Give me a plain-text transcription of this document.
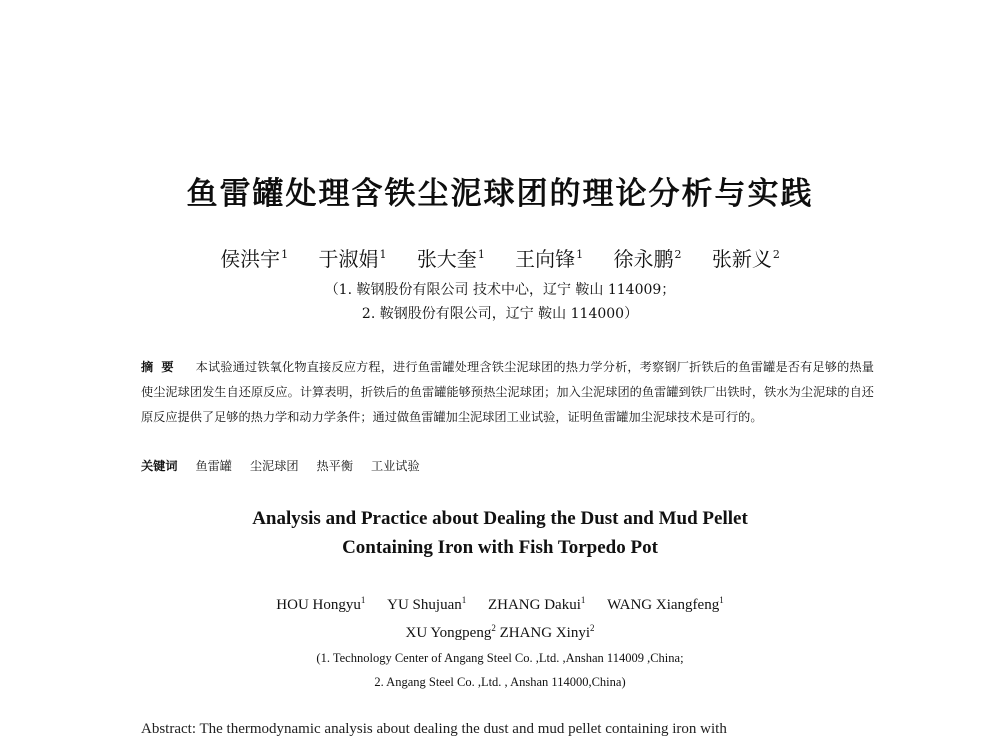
鱼雷罐处理含铁尘泥球团的理论分析与实践
侯洪宇$^1$ 于淑娟$^1$ 张大奎$^1$ 王向锋$^1$ 徐永鹏$^2$ 张新义$^2$
（1. 鞍钢股份有限公司 技术中心，辽宁 鞍山 114009；
2. 鞍钢股份有限公司，辽宁 鞍山 114000）
摘要 本试验通过铁氧化物直接反应方程，进行鱼雷罐处理含铁尘泥球团的热力学分析，考察钢厂折铁后的鱼雷罐是否有足够的热量使尘泥球团发生自还原反应。计算表明，折铁后的鱼雷罐能够预热尘泥球团；加入尘泥球团的鱼雷罐到铁厂出铁时，铁水为尘泥球的自还原反应提供了足够的热力学和动力学条件；通过做鱼雷罐加尘泥球团工业试验，证明鱼雷罐加尘泥球技术是可行的。
关键词 鱼雷罐 尘泥球团 热平衡 工业试验
Analysis and Practice about Dealing the Dust and Mud Pellet
Containing Iron with Fish Torpedo Pot
HOU Hongyu$^1$ YU Shujuan$^1$ ZHANG Dakui$^1$ WANG Xiangfeng$^1$
XU Yongpeng$^2$ ZHANG Xinyi$^2$
(1. Technology Center of Angang Steel Co. ,Ltd. ,Anshan 114009 ,China;
2. Angang Steel Co. ,Ltd. , Anshan 114000,China)
Abstract: The thermodynamic analysis about dealing the dust and mud pellet containing iron with
